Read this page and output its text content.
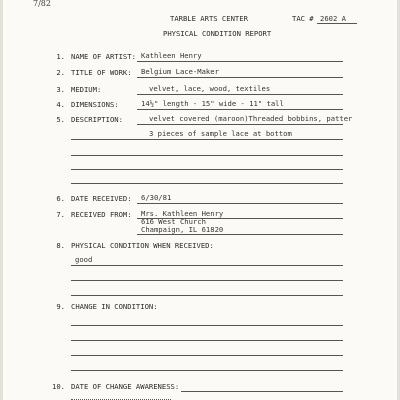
7/82
TARBLE ARTS CENTER	TAC # 2602 A
PHYSICAL CONDITION REPORT
1. NAME OF ARTIST: Kathleen Henry
2. TITLE OF WORK: Belgium Lace-Maker
3. MEDIUM:	velvet, lace, wood, textiles
4. DIMENSIONS:	14½" length - 15" wide - 11" tall
5. DESCRIPTION:	velvet covered (maroon)Threaded bobbins, patter
3 pieces of sample lace at bottom
6. DATE RECEIVED: 6/30/81
7. RECEIVED FROM: Mrs. Kathleen Henry
616 West Church
Champaign, IL 61820
8. PHYSICAL CONDITION WHEN RECEIVED:
good
9. CHANGE IN CONDITION:
10. DATE OF CHANGE AWARENESS:
